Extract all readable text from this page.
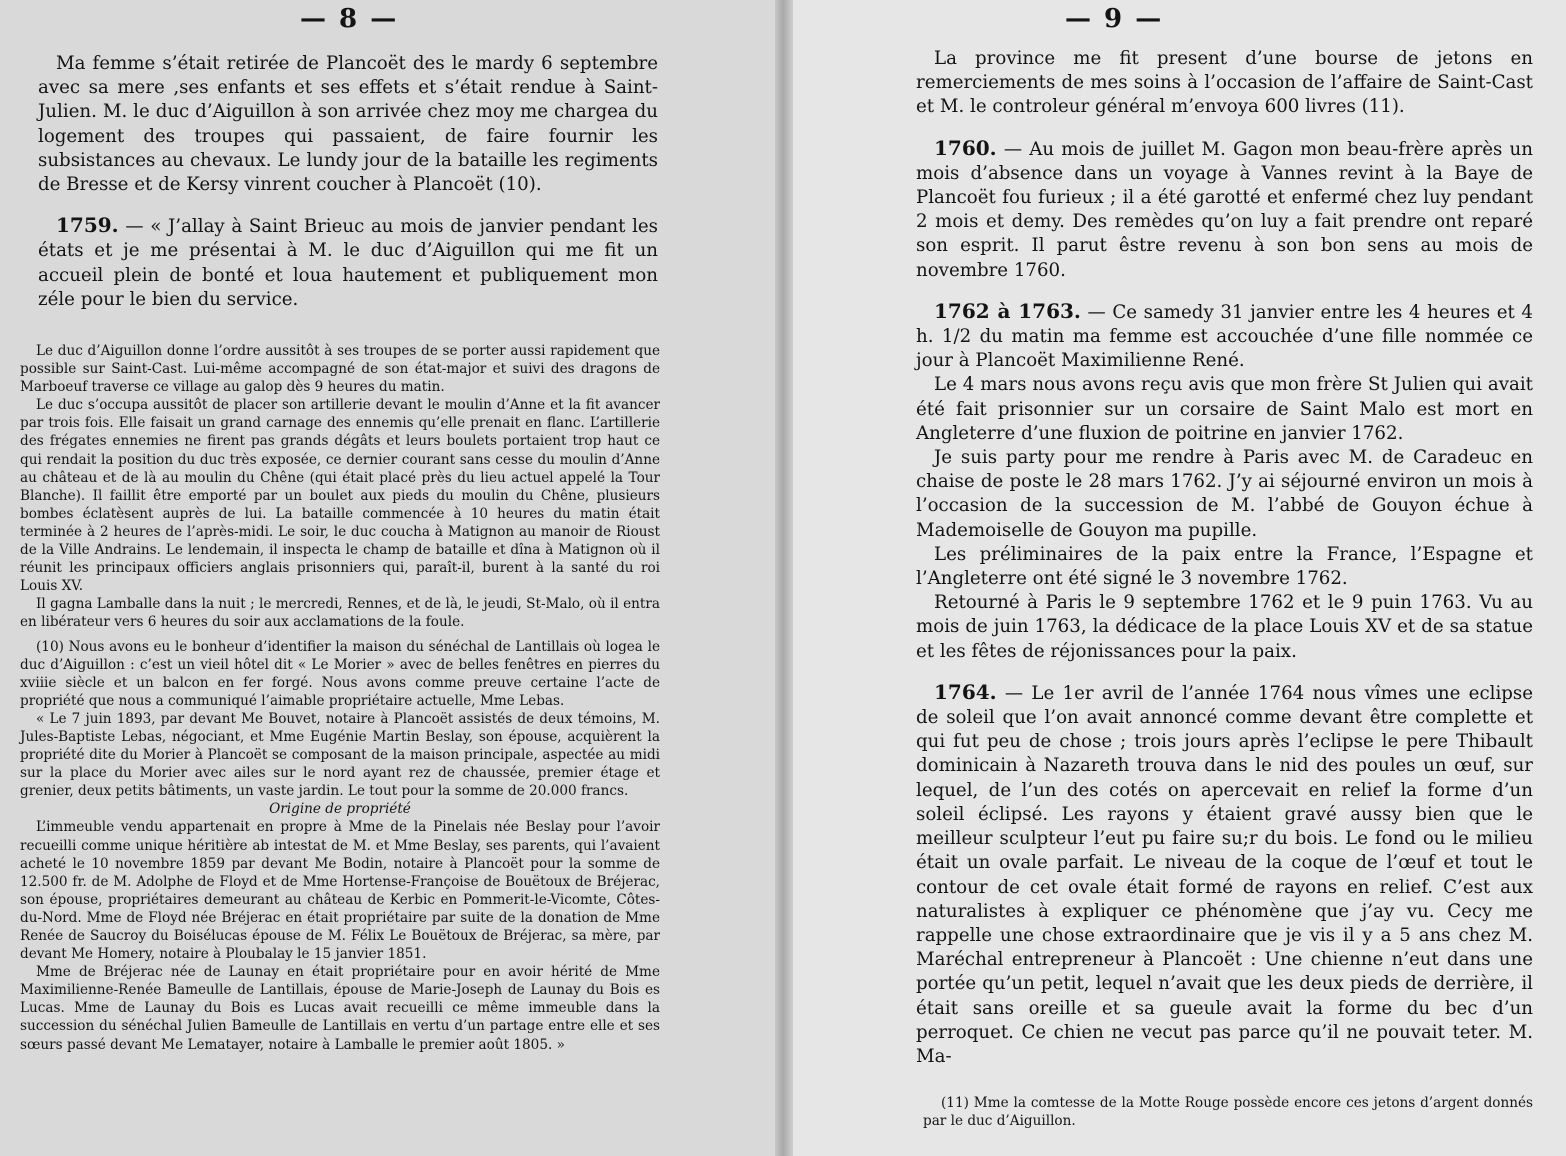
— 8 —

Ma femme s’était retirée de Plancoët des le mardy 6 septembre avec sa mere ,ses enfants et ses effets et s’était rendue à Saint-Julien. M. le duc d’Aiguillon à son arrivée chez moy me chargea du logement des troupes qui passaient, de faire fournir les subsistances au chevaux. Le lundy jour de la bataille les regiments de Bresse et de Kersy vinrent coucher à Plancoët (10).

1759. — « J’allay à Saint Brieuc au mois de janvier pendant les états et je me présentai à M. le duc d’Aiguillon qui me fit un accueil plein de bonté et loua hautement et publiquement mon zéle pour le bien du service.

Le duc d’Aiguillon donne l’ordre aussitôt à ses troupes de se porter aussi rapidement que possible sur Saint-Cast. Lui-même accompagné de son état-major et suivi des dragons de Marboeuf traverse ce village au galop dès 9 heures du matin.

Le duc s’occupa aussitôt de placer son artillerie devant le moulin d’Anne et la fit avancer par trois fois. Elle faisait un grand carnage des ennemis qu’elle prenait en flanc. L’artillerie des frégates ennemies ne firent pas grands dégâts et leurs boulets portaient trop haut ce qui rendait la position du duc très exposée, ce dernier courant sans cesse du moulin d’Anne au château et de là au moulin du Chêne (qui était placé près du lieu actuel appelé la Tour Blanche). Il faillit être emporté par un boulet aux pieds du moulin du Chêne, plusieurs bombes éclatèsent auprès de lui. La bataille commencée à 10 heures du matin était terminée à 2 heures de l’après-midi. Le soir, le duc coucha à Matignon au manoir de Rioust de la Ville Andrains. Le lendemain, il inspecta le champ de bataille et dîna à Matignon où il réunit les principaux officiers anglais prisonniers qui, paraît-il, burent à la santé du roi Louis XV.

Il gagna Lamballe dans la nuit ; le mercredi, Rennes, et de là, le jeudi, St-Malo, où il entra en libérateur vers 6 heures du soir aux acclamations de la foule.

(10) Nous avons eu le bonheur d’identifier la maison du sénéchal de Lantillais où logea le duc d’Aiguillon : c’est un vieil hôtel dit « Le Morier » avec de belles fenêtres en pierres du xviiie siècle et un balcon en fer forgé. Nous avons comme preuve certaine l’acte de propriété que nous a communiqué l’aimable propriétaire actuelle, Mme Lebas.

« Le 7 juin 1893, par devant Me Bouvet, notaire à Plancoët assistés de deux témoins, M. Jules-Baptiste Lebas, négociant, et Mme Eugénie Martin Beslay, son épouse, acquièrent la propriété dite du Morier à Plancoët se composant de la maison principale, aspectée au midi sur la place du Morier avec ailes sur le nord ayant rez de chaussée, premier étage et grenier, deux petits bâtiments, un vaste jardin. Le tout pour la somme de 20.000 francs.

Origine de propriété

L’immeuble vendu appartenait en propre à Mme de la Pinelais née Beslay pour l’avoir recueilli comme unique héritière ab intestat de M. et Mme Beslay, ses parents, qui l’avaient acheté le 10 novembre 1859 par devant Me Bodin, notaire à Plancoët pour la somme de 12.500 fr. de M. Adolphe de Floyd et de Mme Hortense-Françoise de Bouëtoux de Bréjerac, son épouse, propriétaires demeurant au château de Kerbic en Pommerit-le-Vicomte, Côtes-du-Nord. Mme de Floyd née Bréjerac en était propriétaire par suite de la donation de Mme Renée de Saucroy du Boisélucas épouse de M. Félix Le Bouëtoux de Bréjerac, sa mère, par devant Me Homery, notaire à Ploubalay le 15 janvier 1851.

Mme de Bréjerac née de Launay en était propriétaire pour en avoir hérité de Mme Maximilienne-Renée Bameulle de Lantillais, épouse de Marie-Joseph de Launay du Bois es Lucas. Mme de Launay du Bois es Lucas avait recueilli ce même immeuble dans la succession du sénéchal Julien Bameulle de Lantillais en vertu d’un partage entre elle et ses sœurs passé devant Me Lematayer, notaire à Lamballe le premier août 1805. »

— 9 —

La province me fit present d’une bourse de jetons en remerciements de mes soins à l’occasion de l’affaire de Saint-Cast et M. le controleur général m’envoya 600 livres (11).

1760. — Au mois de juillet M. Gagon mon beau-frère après un mois d’absence dans un voyage à Vannes revint à la Baye de Plancoët fou furieux ; il a été garotté et enfermé chez luy pendant 2 mois et demy. Des remèdes qu’on luy a fait prendre ont reparé son esprit. Il parut êstre revenu à son bon sens au mois de novembre 1760.

1762 à 1763. — Ce samedy 31 janvier entre les 4 heures et 4 h. 1/2 du matin ma femme est accouchée d’une fille nommée ce jour à Plancoët Maximilienne René.

Le 4 mars nous avons reçu avis que mon frère St Julien qui avait été fait prisonnier sur un corsaire de Saint Malo est mort en Angleterre d’une fluxion de poitrine en janvier 1762.

Je suis party pour me rendre à Paris avec M. de Caradeuc en chaise de poste le 28 mars 1762. J’y ai séjourné environ un mois à l’occasion de la succession de M. l’abbé de Gouyon échue à Mademoiselle de Gouyon ma pupille.

Les préliminaires de la paix entre la France, l’Espagne et l’Angleterre ont été signé le 3 novembre 1762.

Retourné à Paris le 9 septembre 1762 et le 9 puin 1763. Vu au mois de juin 1763, la dédicace de la place Louis XV et de sa statue et les fêtes de réjonissances pour la paix.

1764. — Le 1er avril de l’année 1764 nous vîmes une eclipse de soleil que l’on avait annoncé comme devant être complette et qui fut peu de chose ; trois jours après l’eclipse le pere Thibault dominicain à Nazareth trouva dans le nid des poules un œuf, sur lequel, de l’un des cotés on apercevait en relief la forme d’un soleil éclipsé. Les rayons y étaient gravé aussy bien que le meilleur sculpteur l’eut pu faire su;r du bois. Le fond ou le milieu était un ovale parfait. Le niveau de la coque de l’œuf et tout le contour de cet ovale était formé de rayons en relief. C’est aux naturalistes à expliquer ce phénomène que j’ay vu. Cecy me rappelle une chose extraordinaire que je vis il y a 5 ans chez M. Maréchal entrepreneur à Plancoët : Une chienne n’eut dans une portée qu’un petit, lequel n’avait que les deux pieds de derrière, il était sans oreille et sa gueule avait la forme du bec d’un perroquet. Ce chien ne vecut pas parce qu’il ne pouvait teter. M. Ma-

(11) Mme la comtesse de la Motte Rouge possède encore ces jetons d’argent donnés par le duc d’Aiguillon.
